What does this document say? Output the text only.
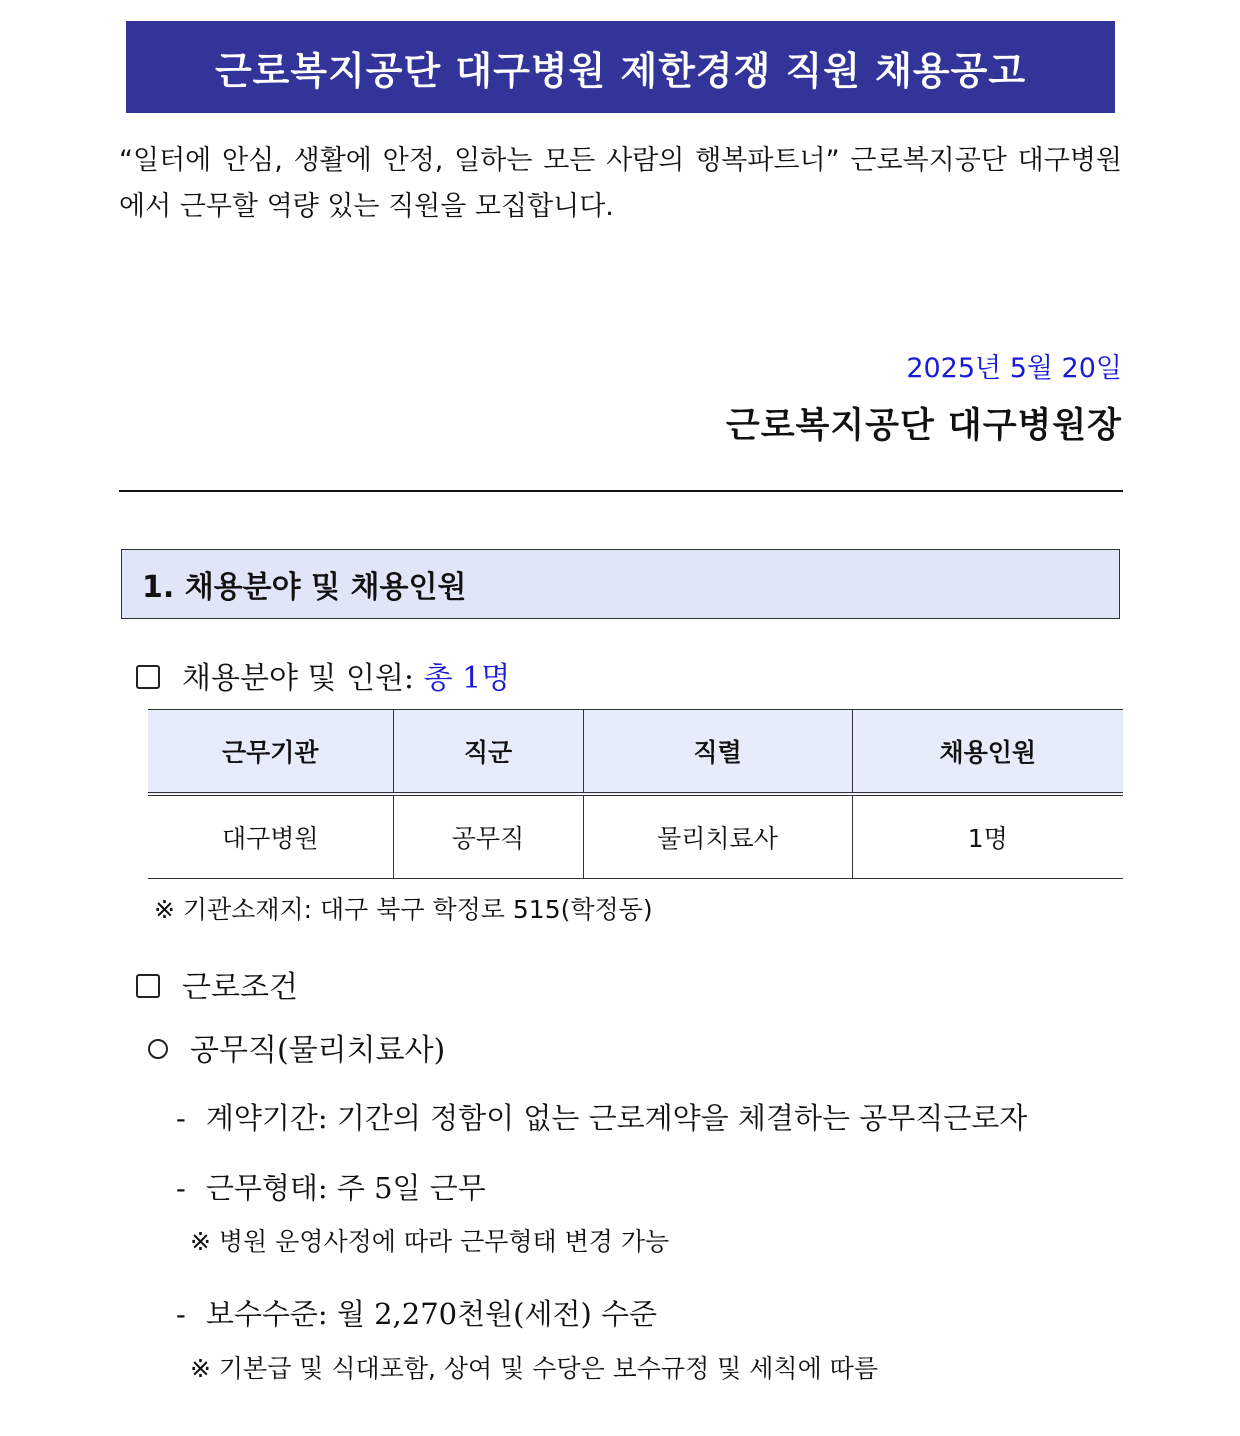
근로복지공단 대구병원 제한경쟁 직원 채용공고
“일터에 안심, 생활에 안정, 일하는 모든 사람의 행복파트너” 근로복지공단 대구병원에서 근무할 역량 있는 직원을 모집합니다.
2025년 5월 20일
근로복지공단 대구병원장
1. 채용분야 및 채용인원
채용분야 및 인원: 총 1명
근무기관	직군	직렬	채용인원
대구병원	공무직	물리치료사	1명
※ 기관소재지: 대구 북구 학정로 515(학정동)
근로조건
공무직(물리치료사)
- 계약기간: 기간의 정함이 없는 근로계약을 체결하는 공무직근로자
- 근무형태: 주 5일 근무
※ 병원 운영사정에 따라 근무형태 변경 가능
- 보수수준: 월 2,270천원(세전) 수준
※ 기본급 및 식대포함, 상여 및 수당은 보수규정 및 세칙에 따름
